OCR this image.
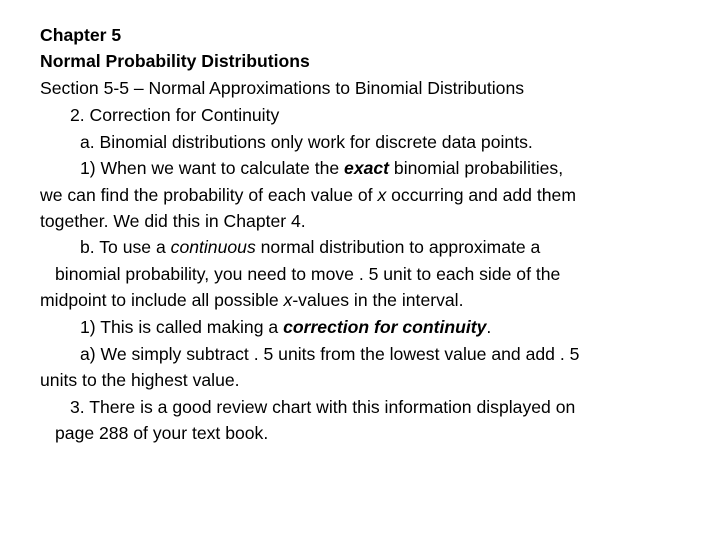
Chapter 5
Normal Probability Distributions
Section 5-5 – Normal Approximations to Binomial Distributions
2. Correction for Continuity
a. Binomial distributions only work for discrete data points.
1) When we want to calculate the exact binomial probabilities,
we can find the probability of each value of x occurring and add them
together. We did this in Chapter 4.
b. To use a continuous normal distribution to approximate a
binomial probability, you need to move . 5 unit to each side of the
midpoint to include all possible x-values in the interval.
1) This is called making a correction for continuity.
a) We simply subtract . 5 units from the lowest value and add . 5
units to the highest value.
3. There is a good review chart with this information displayed on
page 288 of your text book.
